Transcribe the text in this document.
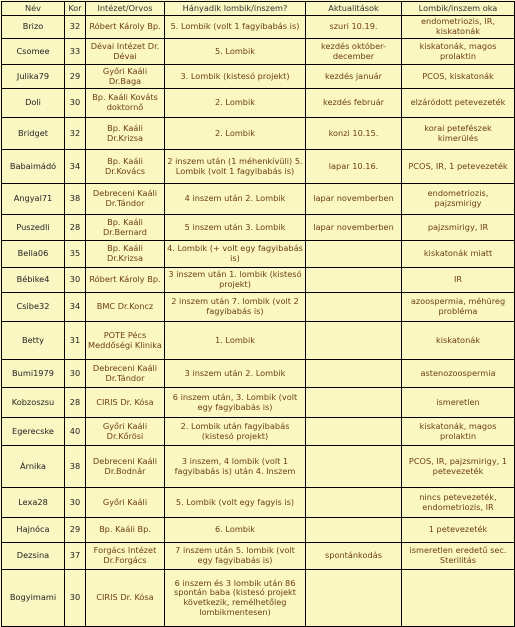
Név	Kor	Intézet/Orvos	Hányadik lombik/inszem?	Aktualitások	Lombik/inszem oka
Brizo	32	Róbert Károly Bp.	5. Lombik (volt 1 fagyibabás is)	szuri 10.19.	endometriozis, IR, kiskatonák
Csomee	33	Dévai Intézet Dr. Dévai	5. Lombik	kezdés október-december	kiskatonák, magos prolaktin
Julika79	29	Győri Kaáli Dr.Baga	3. Lombik (kistesó projekt)	kezdés január	PCOS, kiskatonák
Doli	30	Bp. Kaáli Kováts doktornő	2. Lombik	kezdés február	elzáródott petevezeték
Bridget	32	Bp. Kaáli Dr.Krizsa	2. Lombik	konzi 10.15.	korai petefészek kimerülés
Babaimádó	34	Bp. Kaáli Dr.Kovács	2 inszem után (1 méhenkívüli) 5. Lombik (volt 1 fagyibabás is)	lapar 10.16.	PCOS, IR, 1 petevezeték
Angyal71	38	Debreceni Kaáli Dr.Tándor	4 inszem után 2. Lombik	lapar novemberben	endometriozis, pajzsmirigy
Puszedli	28	Bp. Kaáli Dr.Bernard	5 inszem után 3. Lombik	lapar novemberben	pajzsmirigy, IR
Bella06	35	Bp. Kaáli Dr.Krizsa	4. Lombik (+ volt egy fagyibabás is)		kiskatonák miatt
Bébike4	30	Róbert Károly Bp.	3 inszem után 1. lombik (kistesó projekt)		IR
Csibe32	34	BMC Dr.Koncz	2 inszem után 7. lombik (volt 2 fagyibabás is)		azoospermia, méhüreg probléma
Betty	31	POTE Pécs Meddőségi Klinika	1. Lombik		kiskatonák
Bumi1979	30	Debreceni Kaáli Dr.Tándor	3 inszem után 2. Lombik		astenozoospermia
Kobzoszsu	28	CIRIS Dr. Kósa	6 inszem után, 3. Lombik (volt egy fagyibabás is)		ismeretlen
Egerecske	40	Győri Kaáli Dr.Kőrösi	2. Lombik után fagyibabás (kistesó projekt)		kiskatonák, magos prolaktin
Árnika	38	Debreceni Kaáli Dr.Bodnár	3 inszem, 4 lombik (volt 1 fagyibabás is) után 4. Inszem		PCOS, IR, pajzsmirigy, 1 petevezeték
Lexa28	30	Győri Kaáli	5. Lombik (volt egy fagyis is)		nincs petevezeték, endometriozis, IR
Hajnóca	29	Bp. Kaáli Bp.	6. Lombik		1 petevezeték
Dezsina	37	Forgács Intézet Dr.Forgács	7 inszem után 5. lombik (volt egy fagyibabás is)	spontánkodás	ismeretlen eredetű sec. Sterilitás
Bogyimami	30	CIRIS Dr. Kósa	6 inszem és 3 lombik után 86 spontán baba (kistesó projekt következik, remélhetőleg lombikmentesen)		
